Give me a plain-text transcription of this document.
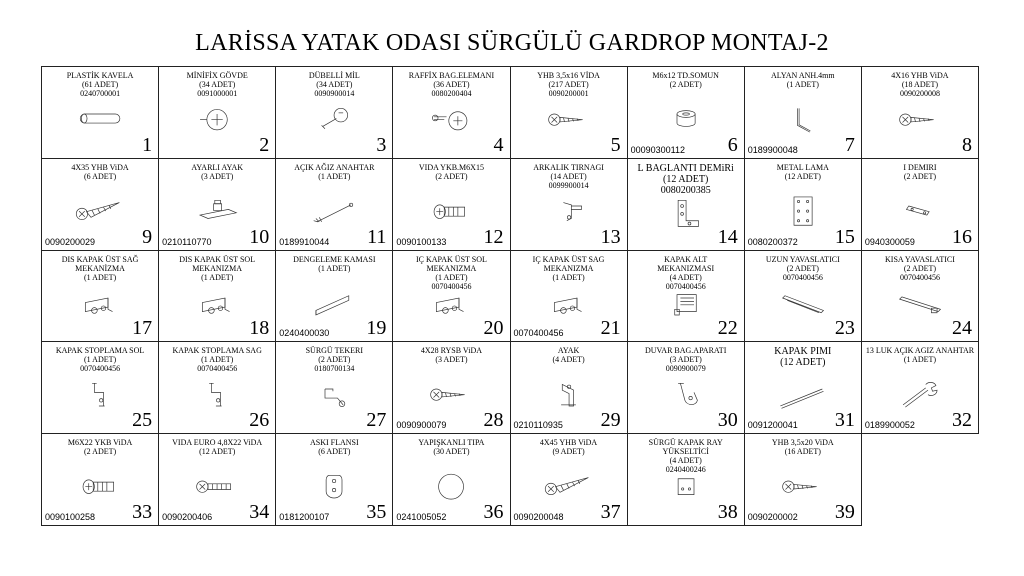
LARİSSA YATAK ODASI SÜRGÜLÜ GARDROP MONTAJ-2
PLASTİK KAVELA
(61 ADET)
0240700001
1
MİNİFİX GÖVDE
(34 ADET)
0091000001
2
DÜBELLİ MİL
(34 ADET)
0090900014
3
RAFFİX BAG.ELEMANI
(36 ADET)
0080200404
4
YHB 3,5x16 VİDA
(217 ADET)
0090200001
5
M6x12 TD.SOMUN
(2 ADET)
00090300112 6
ALYAN ANH.4mm
(1 ADET)
0189900048 7
4X16 YHB ViDA
(18 ADET)
0090200008
8
4X35 YHB ViDA
(6 ADET)
0090200029 9
AYARLI AYAK
(3 ADET)
0210110770 10
AÇIK AĞIZ ANAHTAR
(1 ADET)
0189910044 11
VIDA YKB.M6X15
(2 ADET)
0090100133 12
ARKALIK TIRNAGI
(14 ADET)
0099900014
13
L BAGLANTI DEMiRi
(12 ADET)
0080200385
14
METAL LAMA
(12 ADET)
0080200372 15
I DEMIRI
(2 ADET)
0940300059 16
DIS KAPAK ÜST SAĞ
MEKANİZMA
(1 ADET)
17
DIS KAPAK ÜST SOL
MEKANIZMA
(1 ADET)
18
DENGELEME KAMASI
(1 ADET)
0240400030 19
IÇ KAPAK ÜST SOL
MEKANIZMA
(1 ADET)
0070400456
20
IÇ KAPAK ÜST SAG
MEKANIZMA
(1 ADET)
0070400456 21
KAPAK ALT
MEKANIZMASI
(4 ADET)
0070400456
22
UZUN YAVASLATICI
(2 ADET)
0070400456
23
KISA YAVASLATICI
(2 ADET)
0070400456
24
KAPAK STOPLAMA SOL
(1 ADET)
0070400456
25
KAPAK STOPLAMA SAG
(1 ADET)
0070400456
26
SÜRGÜ TEKERI
(2 ADET)
0180700134
27
4X28 RYSB ViDA
(3 ADET)
0090900079 28
AYAK
(4 ADET)
0210110935 29
DUVAR BAG.APARATI
(3 ADET)
0090900079
30
KAPAK PIMI
(12 ADET)
0091200041 31
13 LUK AÇIK AGIZ ANAHTAR
(1 ADET)
0189900052 32
M6X22 YKB ViDA
(2 ADET)
0090100258 33
VIDA EURO 4,8X22 ViDA
(12 ADET)
0090200406 34
ASKI FLANSI
(6 ADET)
0181200107 35
YAPIŞKANLI TIPA
(30 ADET)
0241005052 36
4X45 YHB ViDA
(9 ADET)
0090200048 37
SÜRGÜ KAPAK RAY
YÜKSELTİCİ
(4 ADET)
0240400246
38
YHB 3,5x20 ViDA
(16 ADET)
0090200002 39
